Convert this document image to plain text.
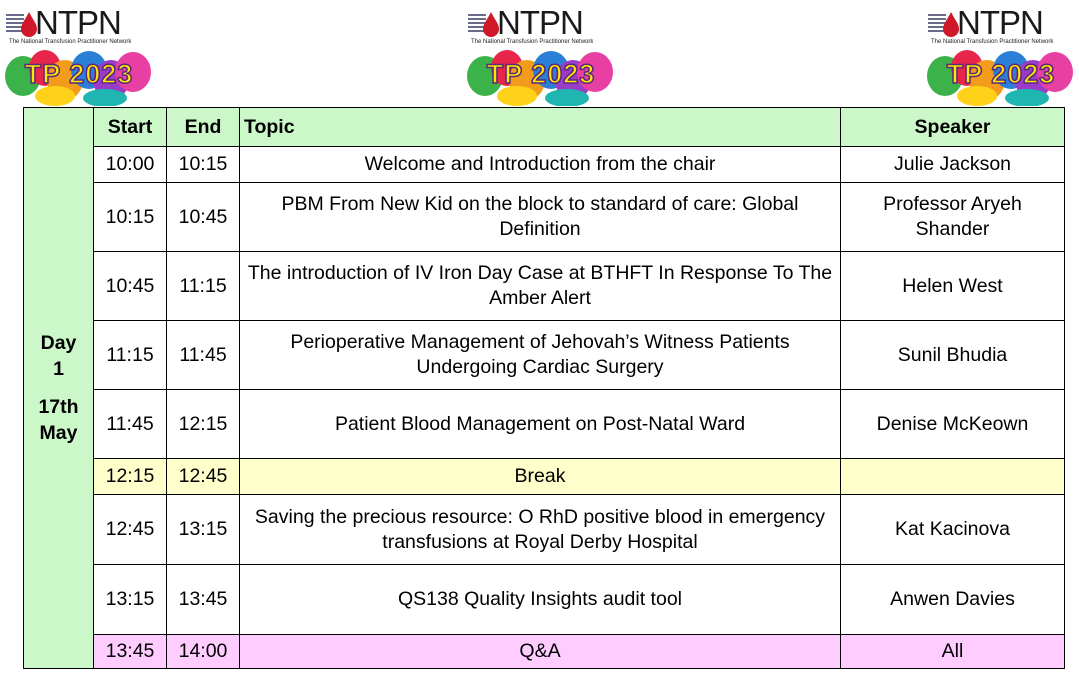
NTPN
The National Transfusion Practitioner Network
TP 2023
NTPN
The National Transfusion Practitioner Network
TP 2023
NTPN
The National Transfusion Practitioner Network
TP 2023
Day
1
17th
May	Start	End	Topic	Speaker
	10:00	10:15	Welcome and Introduction from the chair	Julie Jackson
	10:15	10:45	PBM From New Kid on the block to standard of care: Global Definition	Professor Aryeh Shander
	10:45	11:15	The introduction of IV Iron Day Case at BTHFT In Response To The Amber Alert	Helen West
	11:15	11:45	Perioperative Management of Jehovah’s Witness Patients Undergoing Cardiac Surgery	Sunil Bhudia
	11:45	12:15	Patient Blood Management on Post-Natal Ward	Denise McKeown
	12:15	12:45	Break	
	12:45	13:15	Saving the precious resource: O RhD positive blood in emergency transfusions at Royal Derby Hospital	Kat Kacinova
	13:15	13:45	QS138 Quality Insights audit tool	Anwen Davies
	13:45	14:00	Q&A	All
